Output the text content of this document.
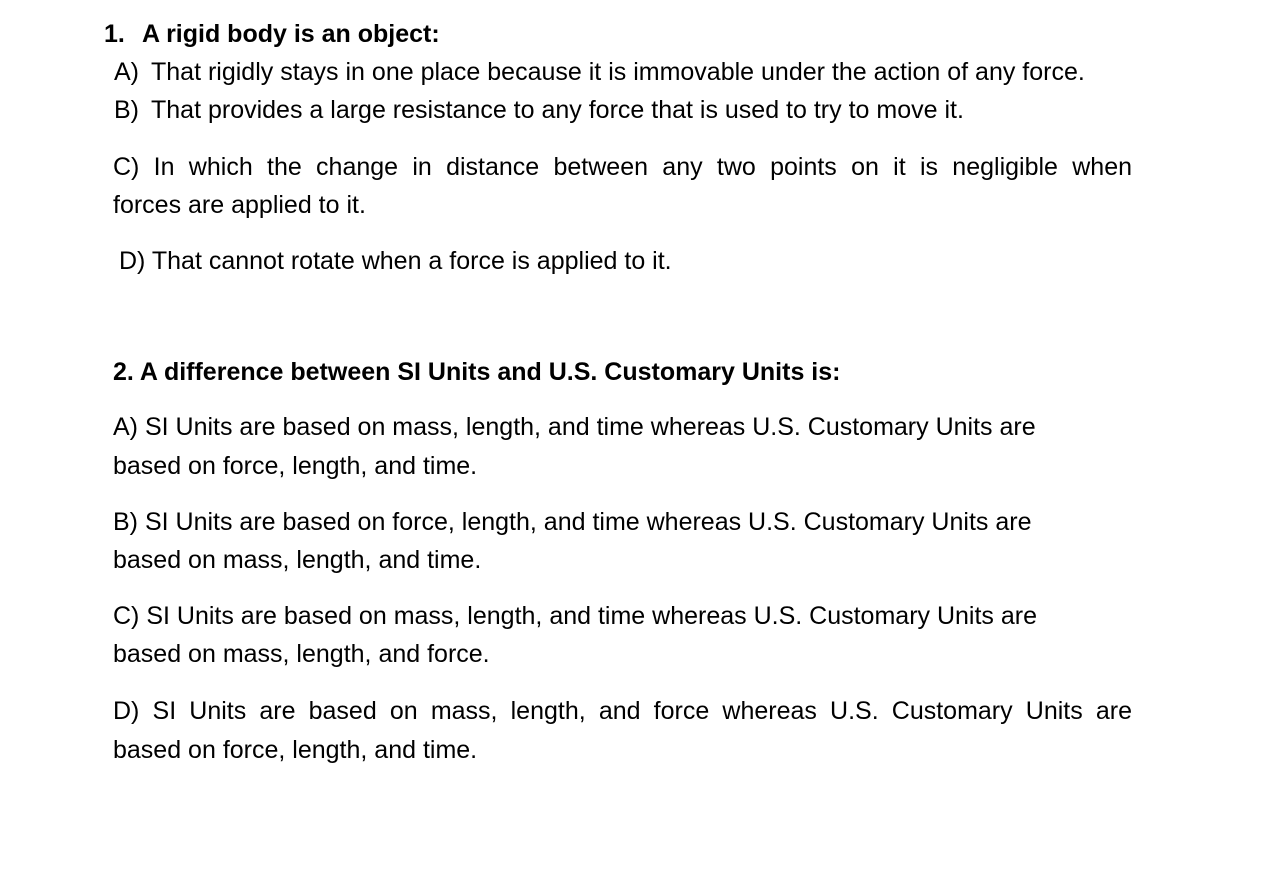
1. A rigid body is an object:
A) That rigidly stays in one place because it is immovable under the action of any force.
B) That provides a large resistance to any force that is used to try to move it.
C) In which the change in distance between any two points on it is negligible when
forces are applied to it.
D) That cannot rotate when a force is applied to it.
2. A difference between SI Units and U.S. Customary Units is:
A) SI Units are based on mass, length, and time whereas U.S. Customary Units are
based on force, length, and time.
B) SI Units are based on force, length, and time whereas U.S. Customary Units are
based on mass, length, and time.
C) SI Units are based on mass, length, and time whereas U.S. Customary Units are
based on mass, length, and force.
D) SI Units are based on mass, length, and force whereas U.S. Customary Units are
based on force, length, and time.
